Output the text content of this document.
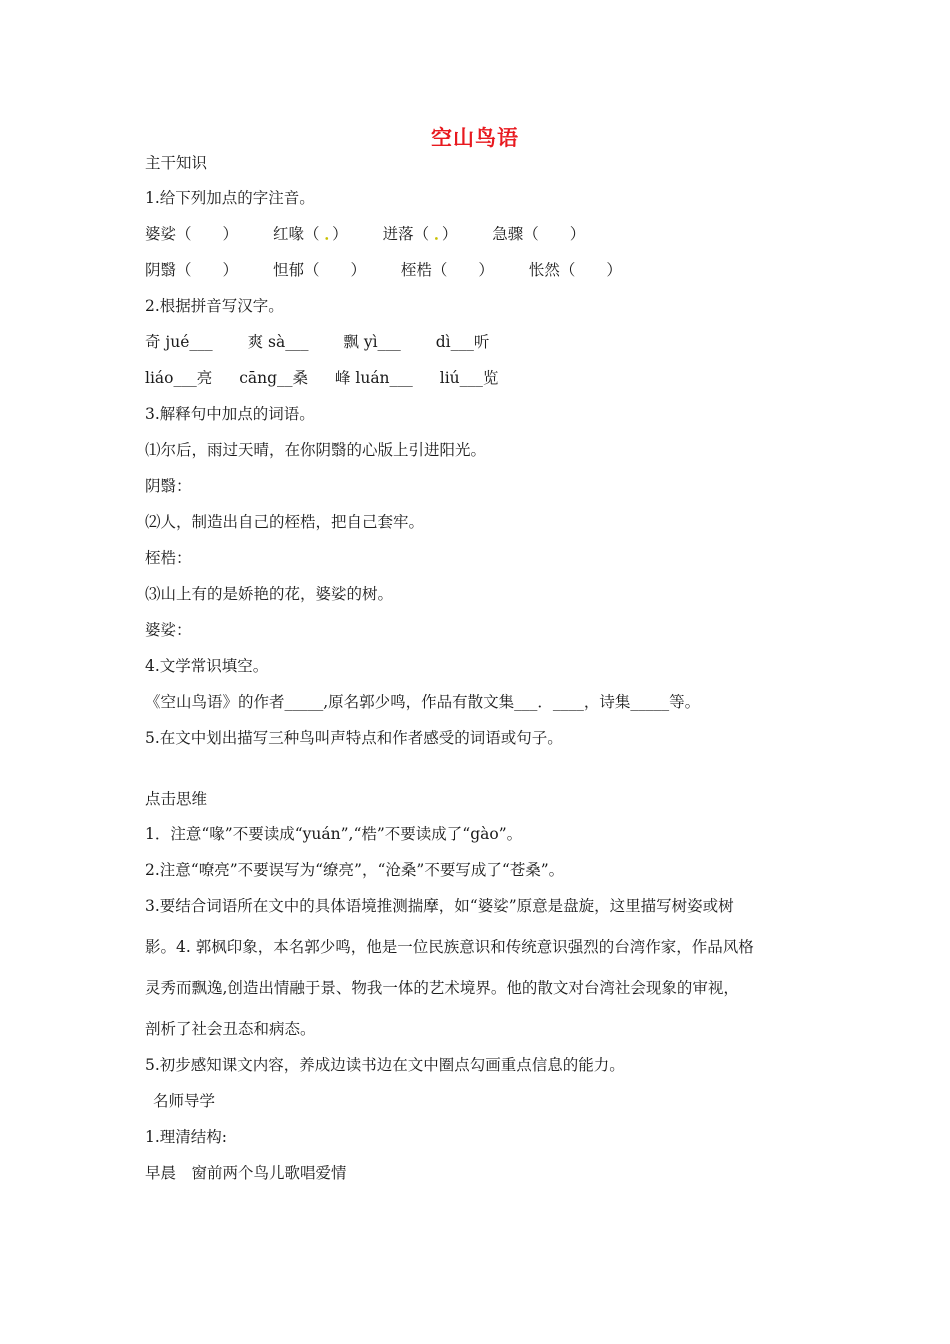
空山鸟语
主干知识
1.给下列加点的字注音。
婆娑（　　） 红喙（ ．） 迸落（ ．） 急骤（　　）
阴翳（　　） 怛郁（　　） 桎梏（　　） 怅然（　　）
2.根据拼音写汉字。
奇 jué___ 爽 sà___ 飘 yì___ dì___听
liáo___亮 cāng__桑 峰 luán___ liú___览
3.解释句中加点的词语。
⑴尔后，雨过天晴，在你阴翳的心版上引进阳光。
阴翳：
⑵人，制造出自己的桎梏，把自己套牢。
桎梏：
⑶山上有的是娇艳的花，婆娑的树。
婆娑：
4.文学常识填空。
《空山鸟语》的作者_____,原名郭少鸣，作品有散文集___．____，诗集_____等。
5.在文中划出描写三种鸟叫声特点和作者感受的词语或句子。
点击思维
1．注意“喙”不要读成“yuán”,“梏”不要读成了“gào”。
2.注意“嘹亮”不要误写为“缭亮”，“沧桑”不要写成了“苍桑”。
3.要结合词语所在文中的具体语境推测揣摩，如“婆娑”原意是盘旋，这里描写树姿或树
影。4. 郭枫印象，本名郭少鸣，他是一位民族意识和传统意识强烈的台湾作家，作品风格
灵秀而飘逸,创造出情融于景、物我一体的艺术境界。他的散文对台湾社会现象的审视，
剖析了社会丑态和病态。
5.初步感知课文内容，养成边读书边在文中圈点勾画重点信息的能力。
名师导学
1.理清结构:
早晨　窗前两个鸟儿歌唱爱情
